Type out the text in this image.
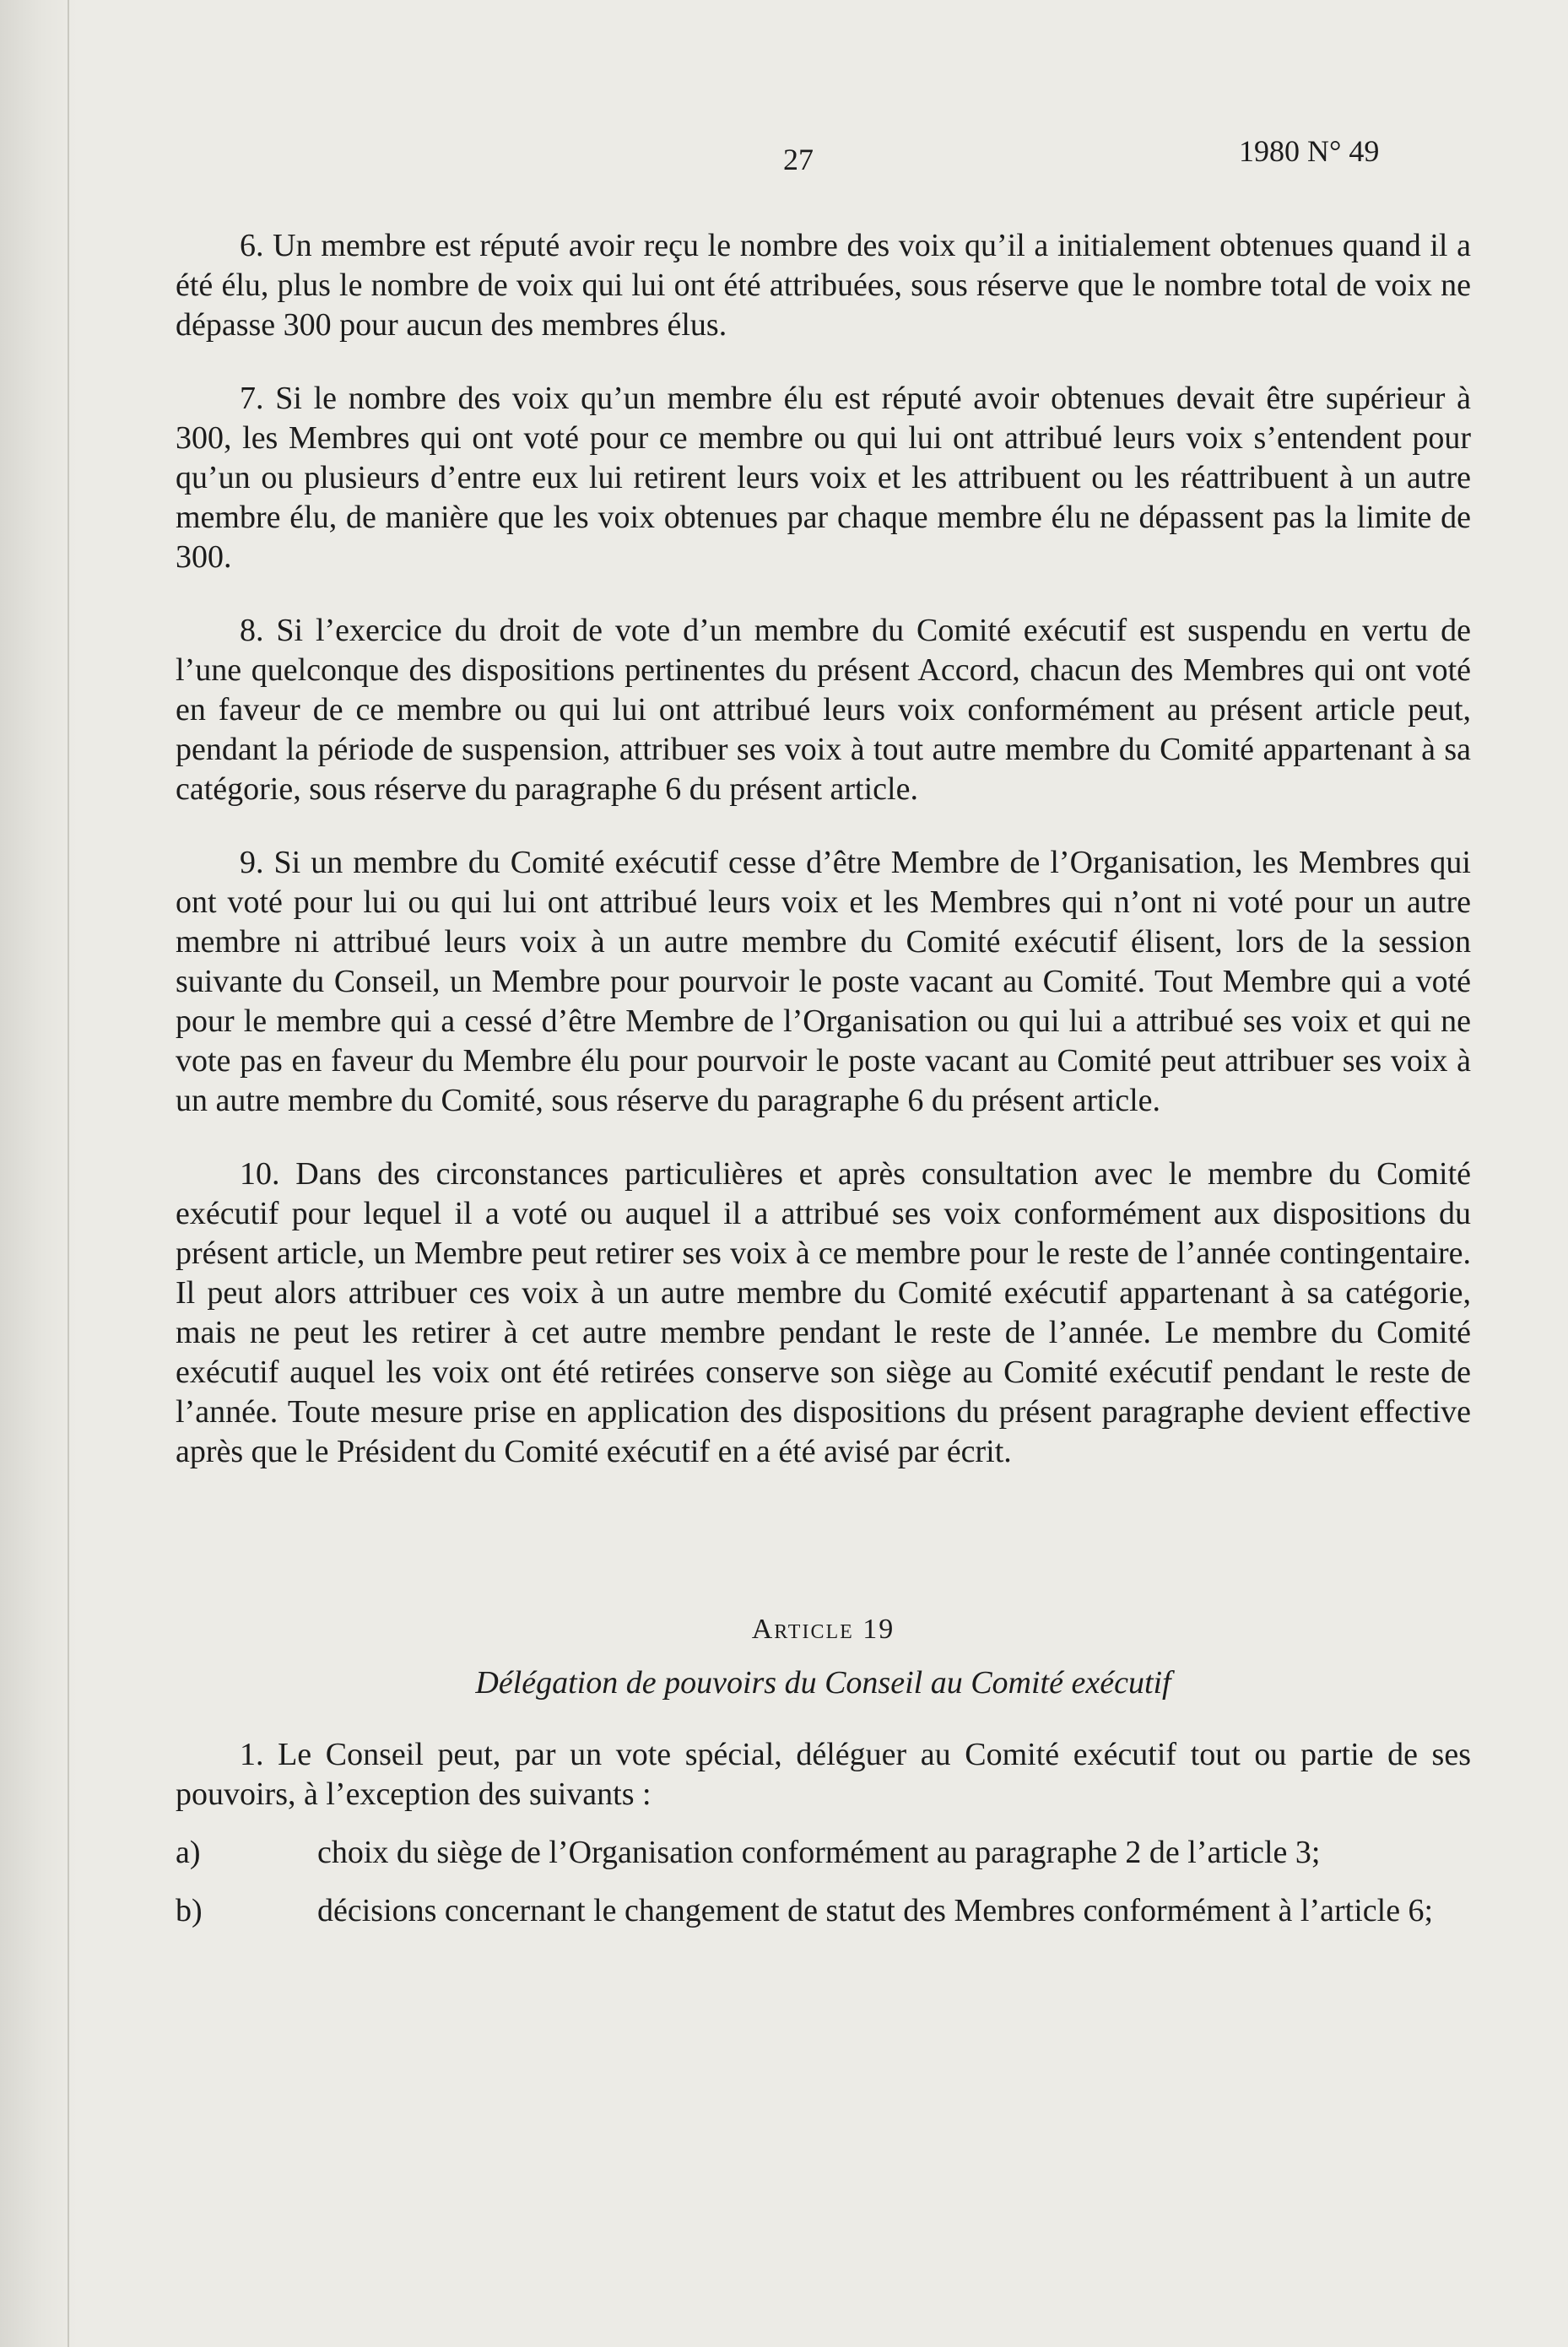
27	1980 N° 49

6. Un membre est réputé avoir reçu le nombre des voix qu’il a initialement obtenues quand il a été élu, plus le nombre de voix qui lui ont été attribuées, sous réserve que le nombre total de voix ne dépasse 300 pour aucun des membres élus.

7. Si le nombre des voix qu’un membre élu est réputé avoir obtenues devait être supérieur à 300, les Membres qui ont voté pour ce membre ou qui lui ont attribué leurs voix s’entendent pour qu’un ou plusieurs d’entre eux lui retirent leurs voix et les attribuent ou les réattribuent à un autre membre élu, de manière que les voix obtenues par chaque membre élu ne dépassent pas la limite de 300.

8. Si l’exercice du droit de vote d’un membre du Comité exécutif est suspendu en vertu de l’une quelconque des dispositions pertinentes du présent Accord, chacun des Membres qui ont voté en faveur de ce membre ou qui lui ont attribué leurs voix conformément au présent article peut, pendant la période de suspension, attribuer ses voix à tout autre membre du Comité appartenant à sa catégorie, sous réserve du paragraphe 6 du présent article.

9. Si un membre du Comité exécutif cesse d’être Membre de l’Organisation, les Membres qui ont voté pour lui ou qui lui ont attribué leurs voix et les Membres qui n’ont ni voté pour un autre membre ni attribué leurs voix à un autre membre du Comité exécutif élisent, lors de la session suivante du Conseil, un Membre pour pourvoir le poste vacant au Comité. Tout Membre qui a voté pour le membre qui a cessé d’être Membre de l’Organisation ou qui lui a attribué ses voix et qui ne vote pas en faveur du Membre élu pour pourvoir le poste vacant au Comité peut attribuer ses voix à un autre membre du Comité, sous réserve du paragraphe 6 du présent article.

10. Dans des circonstances particulières et après consultation avec le membre du Comité exécutif pour lequel il a voté ou auquel il a attribué ses voix conformément aux dispositions du présent article, un Membre peut retirer ses voix à ce membre pour le reste de l’année contingentaire. Il peut alors attribuer ces voix à un autre membre du Comité exécutif appartenant à sa catégorie, mais ne peut les retirer à cet autre membre pendant le reste de l’année. Le membre du Comité exécutif auquel les voix ont été retirées conserve son siège au Comité exécutif pendant le reste de l’année. Toute mesure prise en application des dispositions du présent paragraphe devient effective après que le Président du Comité exécutif en a été avisé par écrit.

Article 19
Délégation de pouvoirs du Conseil au Comité exécutif

1. Le Conseil peut, par un vote spécial, déléguer au Comité exécutif tout ou partie de ses pouvoirs, à l’exception des suivants :

a)	choix du siège de l’Organisation conformément au paragraphe 2 de l’article 3;
b)	décisions concernant le changement de statut des Membres conformément à l’article 6;
